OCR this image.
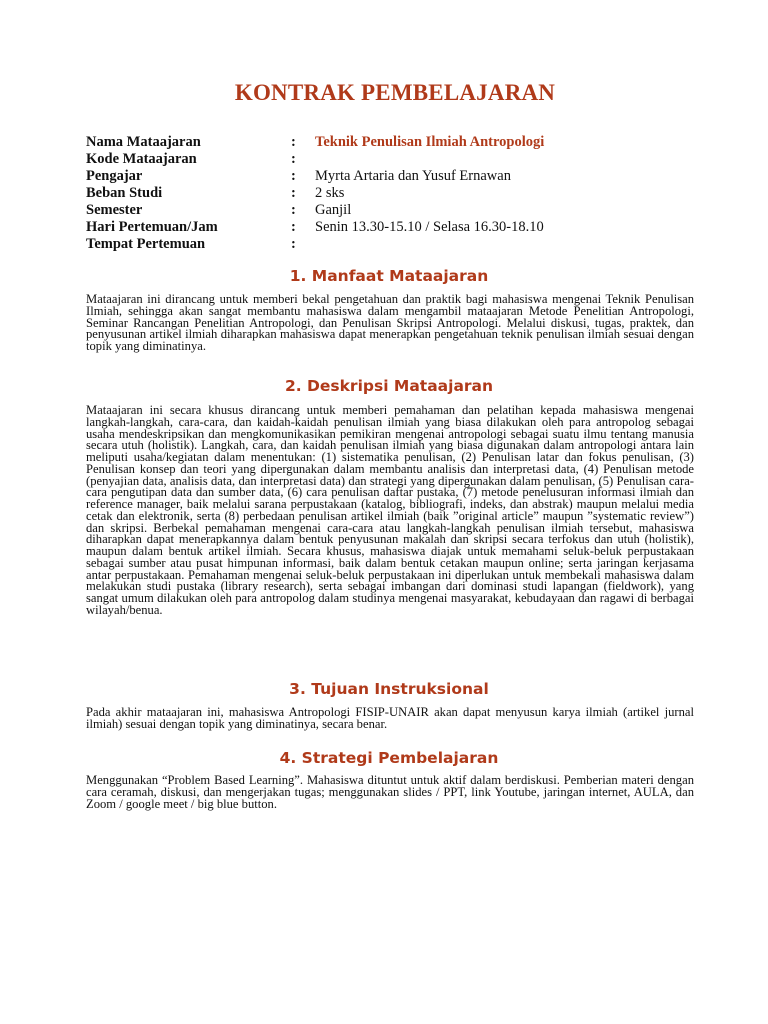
KONTRAK PEMBELAJARAN
Nama Mataajaran	:	Teknik Penulisan Ilmiah Antropologi
Kode Mataajaran	:	
Pengajar	:	Myrta Artaria dan Yusuf Ernawan
Beban Studi	:	2 sks
Semester	:	Ganjil
Hari Pertemuan/Jam	:	Senin 13.30-15.10 / Selasa 16.30-18.10
Tempat Pertemuan	:	
1. Manfaat Mataajaran

Mataajaran ini dirancang untuk memberi bekal pengetahuan dan praktik bagi mahasiswa mengenai Teknik Penulisan Ilmiah, sehingga akan sangat membantu mahasiswa dalam mengambil mataajaran Metode Penelitian Antropologi, Seminar Rancangan Penelitian Antropologi, dan Penulisan Skripsi Antropologi. Melalui diskusi, tugas, praktek, dan penyusunan artikel ilmiah diharapkan mahasiswa dapat menerapkan pengetahuan teknik penulisan ilmiah sesuai dengan topik yang diminatinya.

2. Deskripsi Mataajaran

Mataajaran ini secara khusus dirancang untuk memberi pemahaman dan pelatihan kepada mahasiswa mengenai langkah-langkah, cara-cara, dan kaidah-kaidah penulisan ilmiah yang biasa dilakukan oleh para antropolog sebagai usaha mendeskripsikan dan mengkomunikasikan pemikiran mengenai antropologi sebagai suatu ilmu tentang manusia secara utuh (holistik). Langkah, cara, dan kaidah penulisan ilmiah yang biasa digunakan dalam antropologi antara lain meliputi usaha/kegiatan dalam menentukan: (1) sistematika penulisan, (2) Penulisan latar dan fokus penulisan, (3) Penulisan konsep dan teori yang dipergunakan dalam membantu analisis dan interpretasi data, (4) Penulisan metode (penyajian data, analisis data, dan interpretasi data) dan strategi yang dipergunakan dalam penulisan, (5) Penulisan cara-cara pengutipan data dan sumber data, (6) cara penulisan daftar pustaka, (7) metode penelusuran informasi ilmiah dan reference manager, baik melalui sarana perpustakaan (katalog, bibliografi, indeks, dan abstrak) maupun melalui media cetak dan elektronik, serta (8) perbedaan penulisan artikel ilmiah (baik ”original article” maupun ”systematic review”) dan skripsi. Berbekal pemahaman mengenai cara-cara atau langkah-langkah penulisan ilmiah tersebut, mahasiswa diharapkan dapat menerapkannya dalam bentuk penyusunan makalah dan skripsi secara terfokus dan utuh (holistik), maupun dalam bentuk artikel ilmiah. Secara khusus, mahasiswa diajak untuk memahami seluk-beluk perpustakaan sebagai sumber atau pusat himpunan informasi, baik dalam bentuk cetakan maupun online; serta jaringan kerjasama antar perpustakaan. Pemahaman mengenai seluk-beluk perpustakaan ini diperlukan untuk membekali mahasiswa dalam melakukan studi pustaka (library research), serta sebagai imbangan dari dominasi studi lapangan (fieldwork), yang sangat umum dilakukan oleh para antropolog dalam studinya mengenai masyarakat, kebudayaan dan ragawi di berbagai wilayah/benua.

3. Tujuan Instruksional

Pada akhir mataajaran ini, mahasiswa Antropologi FISIP-UNAIR akan dapat menyusun karya ilmiah (artikel jurnal ilmiah) sesuai dengan topik yang diminatinya, secara benar.

4. Strategi Pembelajaran

Menggunakan “Problem Based Learning”. Mahasiswa dituntut untuk aktif dalam berdiskusi. Pemberian materi dengan cara ceramah, diskusi, dan mengerjakan tugas; menggunakan slides / PPT, link Youtube, jaringan internet, AULA, dan Zoom / google meet / big blue button.
